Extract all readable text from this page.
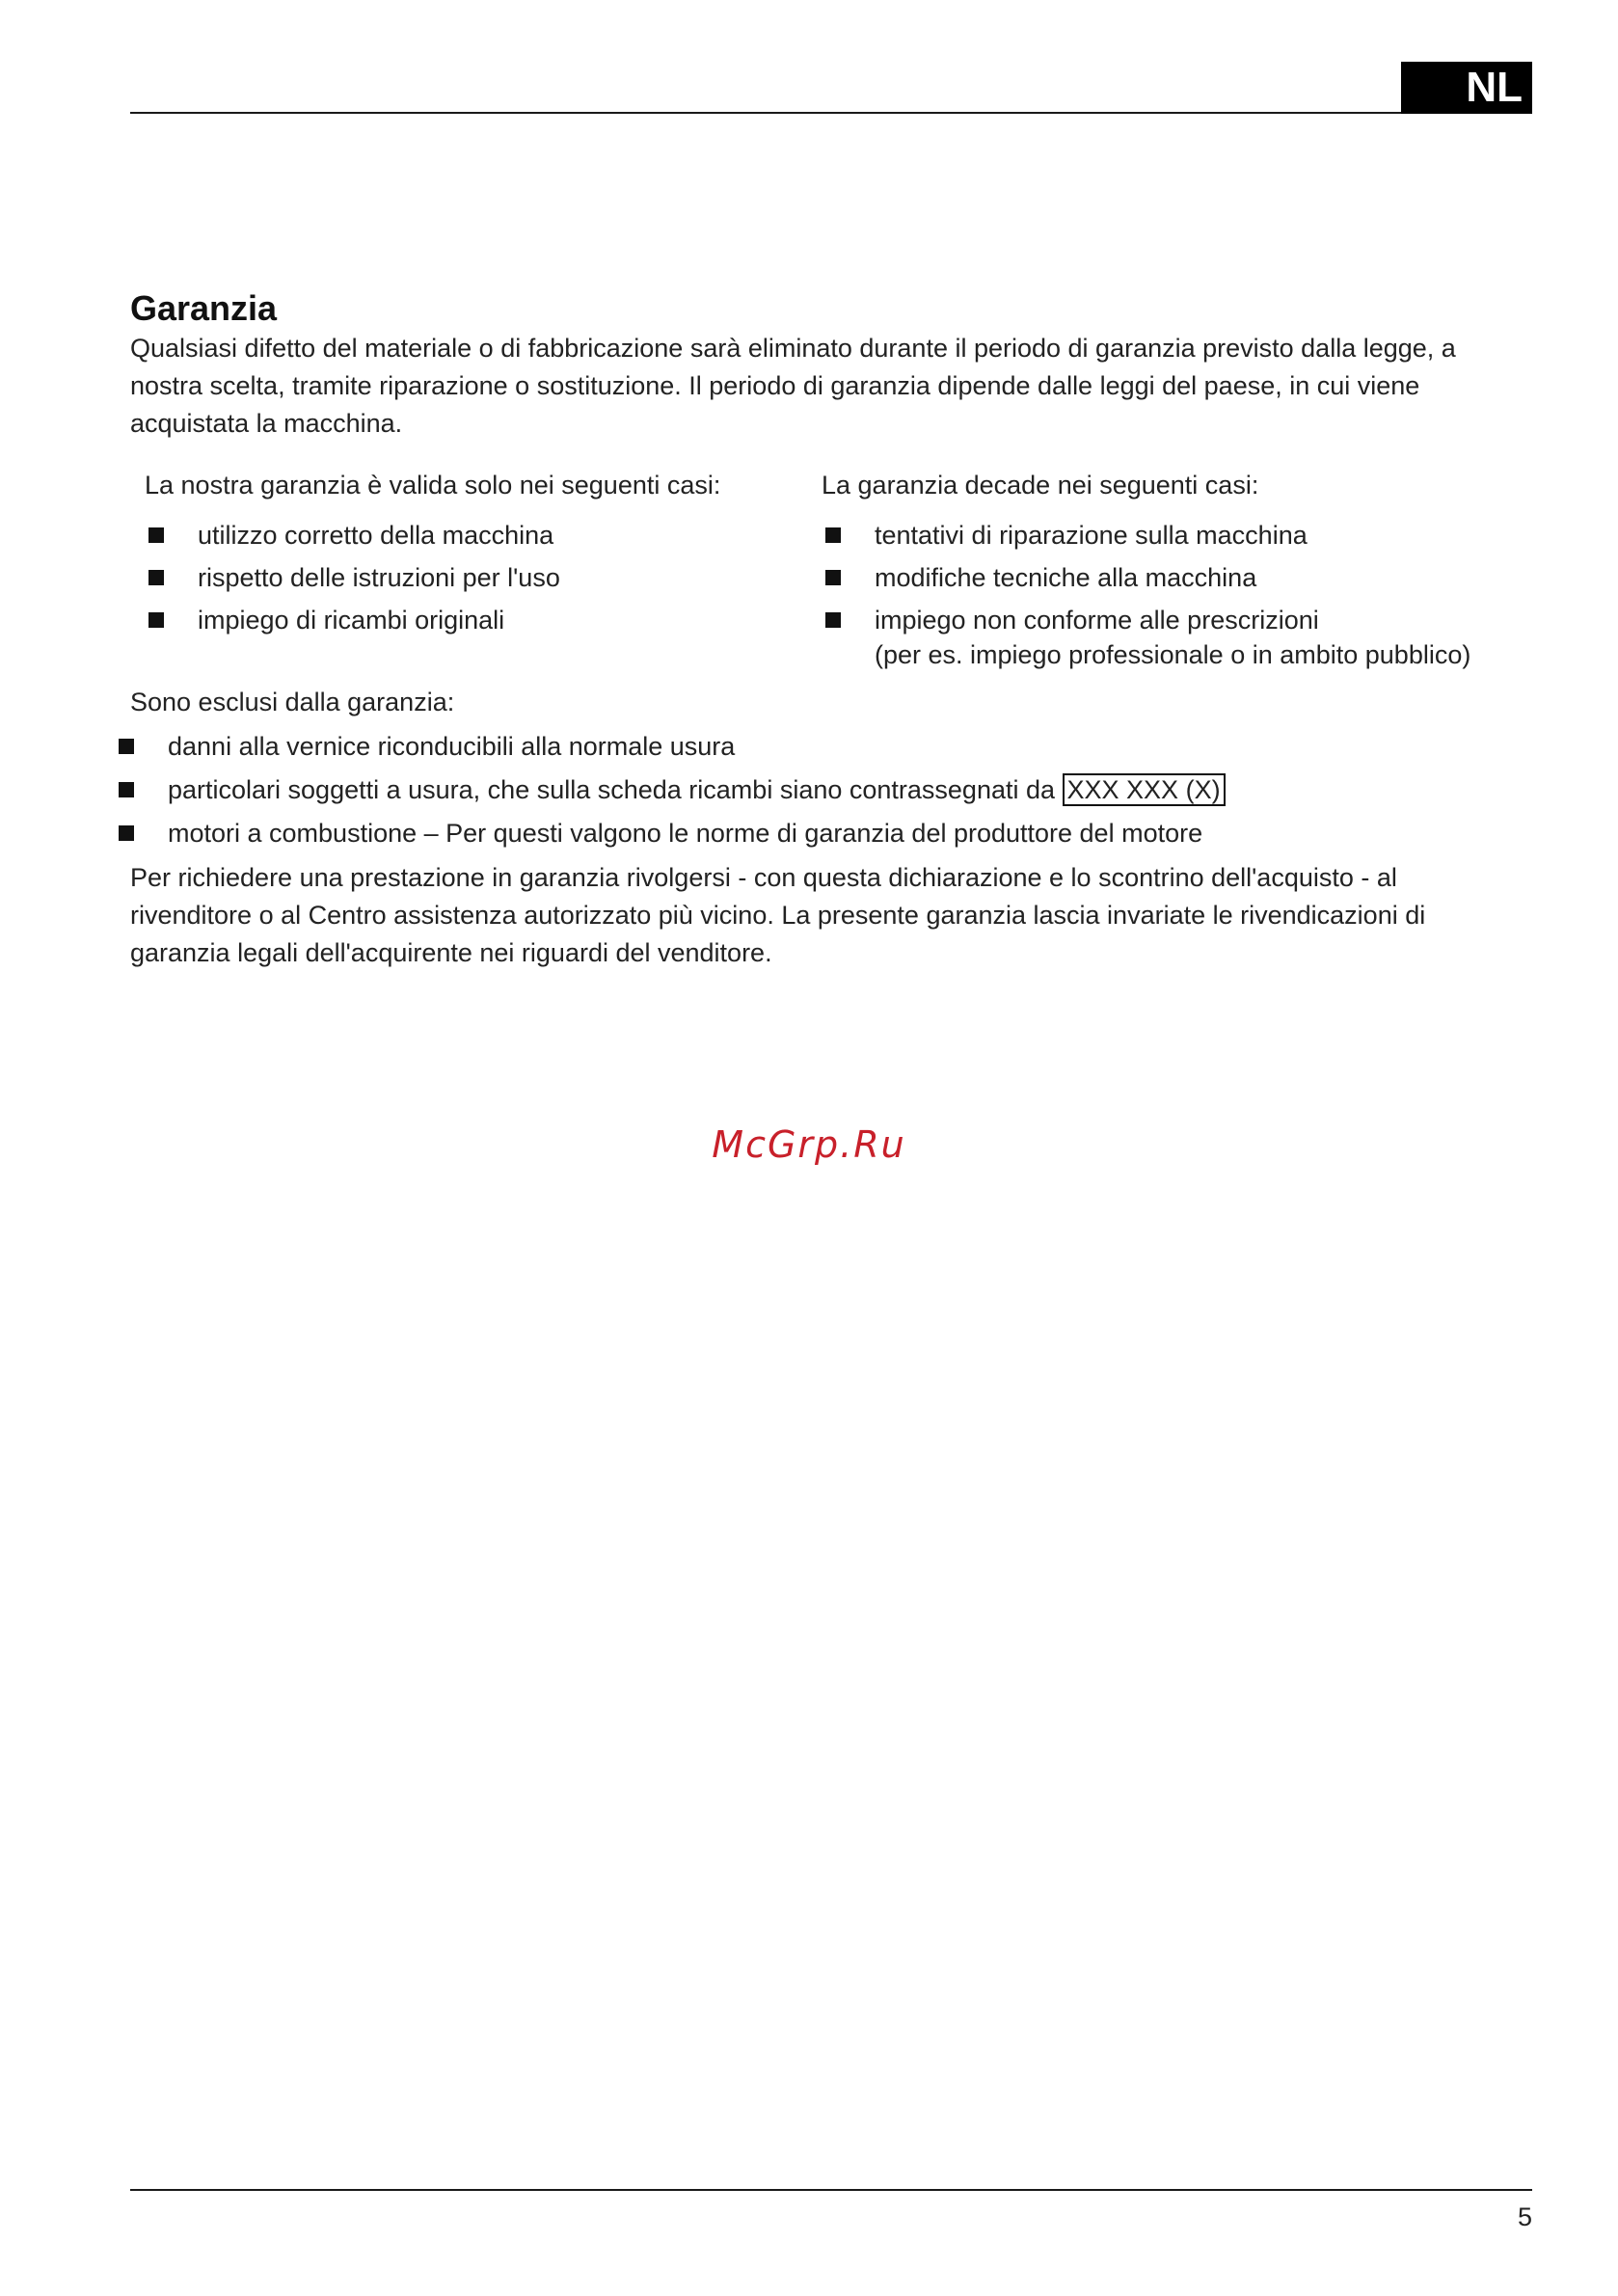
NL
Garanzia

Qualsiasi difetto del materiale o di fabbricazione sarà eliminato durante il periodo di garanzia previsto dalla legge, a nostra scelta, tramite riparazione o sostituzione. Il periodo di garanzia dipende dalle leggi del paese, in cui viene acquistata la macchina.

La nostra garanzia è valida solo nei seguenti casi:

utilizzo corretto della macchina
rispetto delle istruzioni per l'uso
impiego di ricambi originali

La garanzia decade nei seguenti casi:

tentativi di riparazione sulla macchina
modifiche tecniche alla macchina
impiego non conforme alle prescrizioni
(per es. impiego professionale o in ambito pubblico)

Sono esclusi dalla garanzia:

danni alla vernice riconducibili alla normale usura
particolari soggetti a usura, che sulla scheda ricambi siano contrassegnati da XXX XXX (X)
motori a combustione – Per questi valgono le norme di garanzia del produttore del motore

Per richiedere una prestazione in garanzia rivolgersi - con questa dichiarazione e lo scontrino dell'acquisto - al rivenditore o al Centro assistenza autorizzato più vicino. La presente garanzia lascia invariate le rivendicazioni di garanzia legali dell'acquirente nei riguardi del venditore.

McGrp.Ru
5
